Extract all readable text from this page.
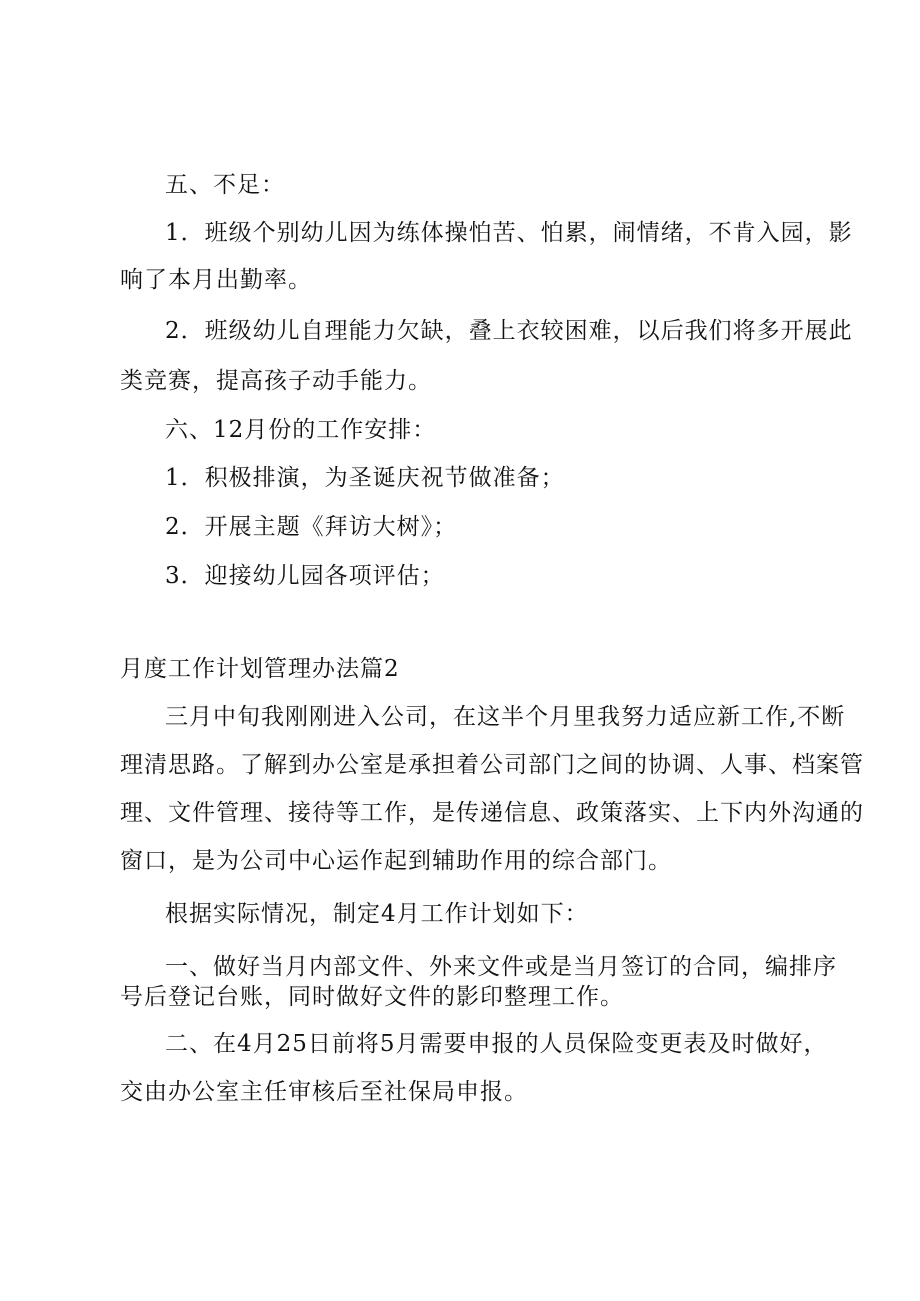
五、不足：
1．班级个别幼儿因为练体操怕苦、怕累，闹情绪，不肯入园，影
响了本月出勤率。
2．班级幼儿自理能力欠缺，叠上衣较困难，以后我们将多开展此
类竞赛，提高孩子动手能力。
六、12月份的工作安排：
1．积极排演，为圣诞庆祝节做准备；
2．开展主题《拜访大树》；
3．迎接幼儿园各项评估；
月度工作计划管理办法篇2
三月中旬我刚刚进入公司，在这半个月里我努力适应新工作,不断
理清思路。了解到办公室是承担着公司部门之间的协调、人事、档案管
理、文件管理、接待等工作，是传递信息、政策落实、上下内外沟通的
窗口，是为公司中心运作起到辅助作用的综合部门。
根据实际情况，制定4月工作计划如下：
一、做好当月内部文件、外来文件或是当月签订的合同，编排序
号后登记台账，同时做好文件的影印整理工作。
二、在4月25日前将5月需要申报的人员保险变更表及时做好，
交由办公室主任审核后至社保局申报。
